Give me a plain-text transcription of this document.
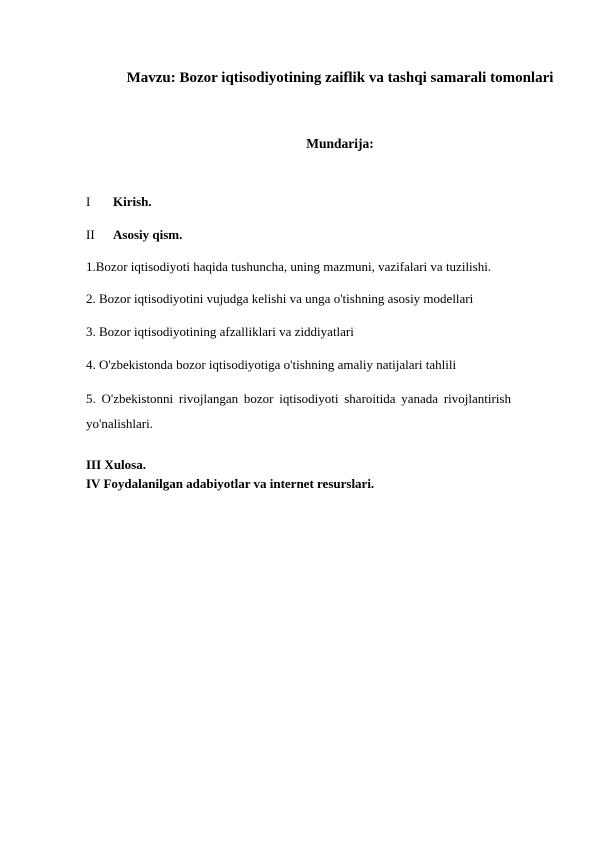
Mavzu: Bozor iqtisodiyotining zaiflik va tashqi samarali tomonlari
Mundarija:
I Kirish.
II Asosiy qism.
1.Bozor iqtisodiyoti haqida tushuncha, uning mazmuni, vazifalari va tuzilishi.
2. Bozor iqtisodiyotini vujudga kelishi va unga o'tishning asosiy modellari
3. Bozor iqtisodiyotining afzalliklari va ziddiyatlari
4. O'zbekistonda bozor iqtisodiyotiga o'tishning amaliy natijalari tahlili
5. O'zbekistonni rivojlangan bozor iqtisodiyoti sharoitida yanada rivojlantirish
yo'nalishlari.
III Xulosa.
IV Foydalanilgan adabiyotlar va internet resurslari.
